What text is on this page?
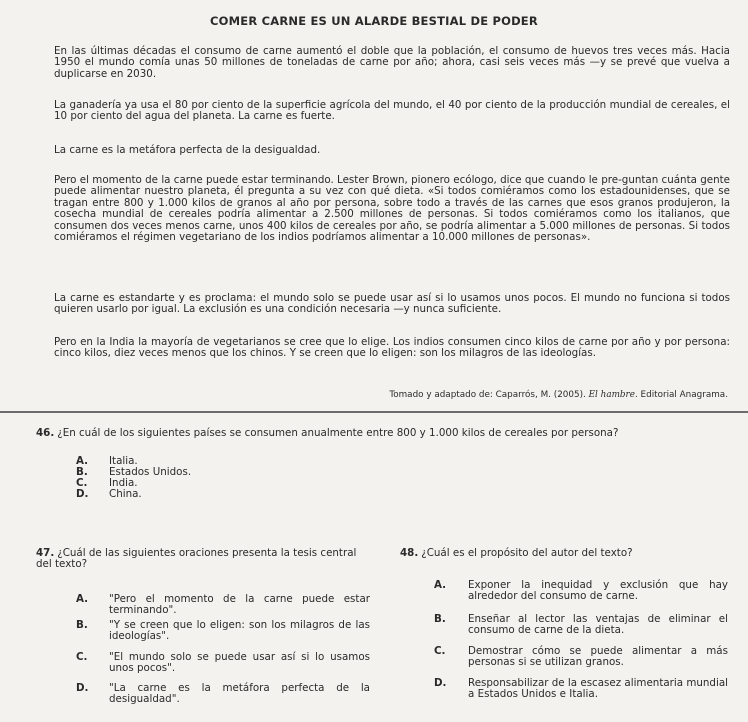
COMER CARNE ES UN ALARDE BESTIAL DE PODER

En las últimas décadas el consumo de carne aumentó el doble que la población, el consumo de huevos tres veces más. Hacia 1950 el mundo comía unas 50 millones de toneladas de carne por año; ahora, casi seis veces más —y se prevé que vuelva a duplicarse en 2030.

La ganadería ya usa el 80 por ciento de la superficie agrícola del mundo, el 40 por ciento de la producción mundial de cereales, el 10 por ciento del agua del planeta. La carne es fuerte.

La carne es la metáfora perfecta de la desigualdad.

Pero el momento de la carne puede estar terminando. Lester Brown, pionero ecólogo, dice que cuando le pre-guntan cuánta gente puede alimentar nuestro planeta, él pregunta a su vez con qué dieta. «Si todos comiéramos como los estadounidenses, que se tragan entre 800 y 1.000 kilos de granos al año por persona, sobre todo a través de las carnes que esos granos produjeron, la cosecha mundial de cereales podría alimentar a 2.500 millones de personas. Si todos comiéramos como los italianos, que consumen dos veces menos carne, unos 400 kilos de cereales por año, se podría alimentar a 5.000 millones de personas. Si todos comiéramos el régimen vegetariano de los indios podríamos alimentar a 10.000 millones de personas».

La carne es estandarte y es proclama: el mundo solo se puede usar así si lo usamos unos pocos. El mundo no funciona si todos quieren usarlo por igual. La exclusión es una condición necesaria —y nunca suficiente.

Pero en la India la mayoría de vegetarianos se cree que lo elige. Los indios consumen cinco kilos de carne por año y por persona: cinco kilos, diez veces menos que los chinos. Y se creen que lo eligen: son los milagros de las ideologías.

Tomado y adaptado de: Caparrós, M. (2005). El hambre. Editorial Anagrama.

46. ¿En cuál de los siguientes países se consumen anualmente entre 800 y 1.000 kilos de cereales por persona?

A.	Italia.
B.	Estados Unidos.
C.	India.
D.	China.

47. ¿Cuál de las siguientes oraciones presenta la tesis central del texto?

A.	"Pero el momento de la carne puede estar terminando".
B.	"Y se creen que lo eligen: son los milagros de las ideologías".
C.	"El mundo solo se puede usar así si lo usamos unos pocos".
D.	"La carne es la metáfora perfecta de la desigualdad".

48. ¿Cuál es el propósito del autor del texto?

A.	Exponer la inequidad y exclusión que hay alrededor del consumo de carne.
B.	Enseñar al lector las ventajas de eliminar el consumo de carne de la dieta.
C.	Demostrar cómo se puede alimentar a más personas si se utilizan granos.
D.	Responsabilizar de la escasez alimentaria mundial a Estados Unidos e Italia.
